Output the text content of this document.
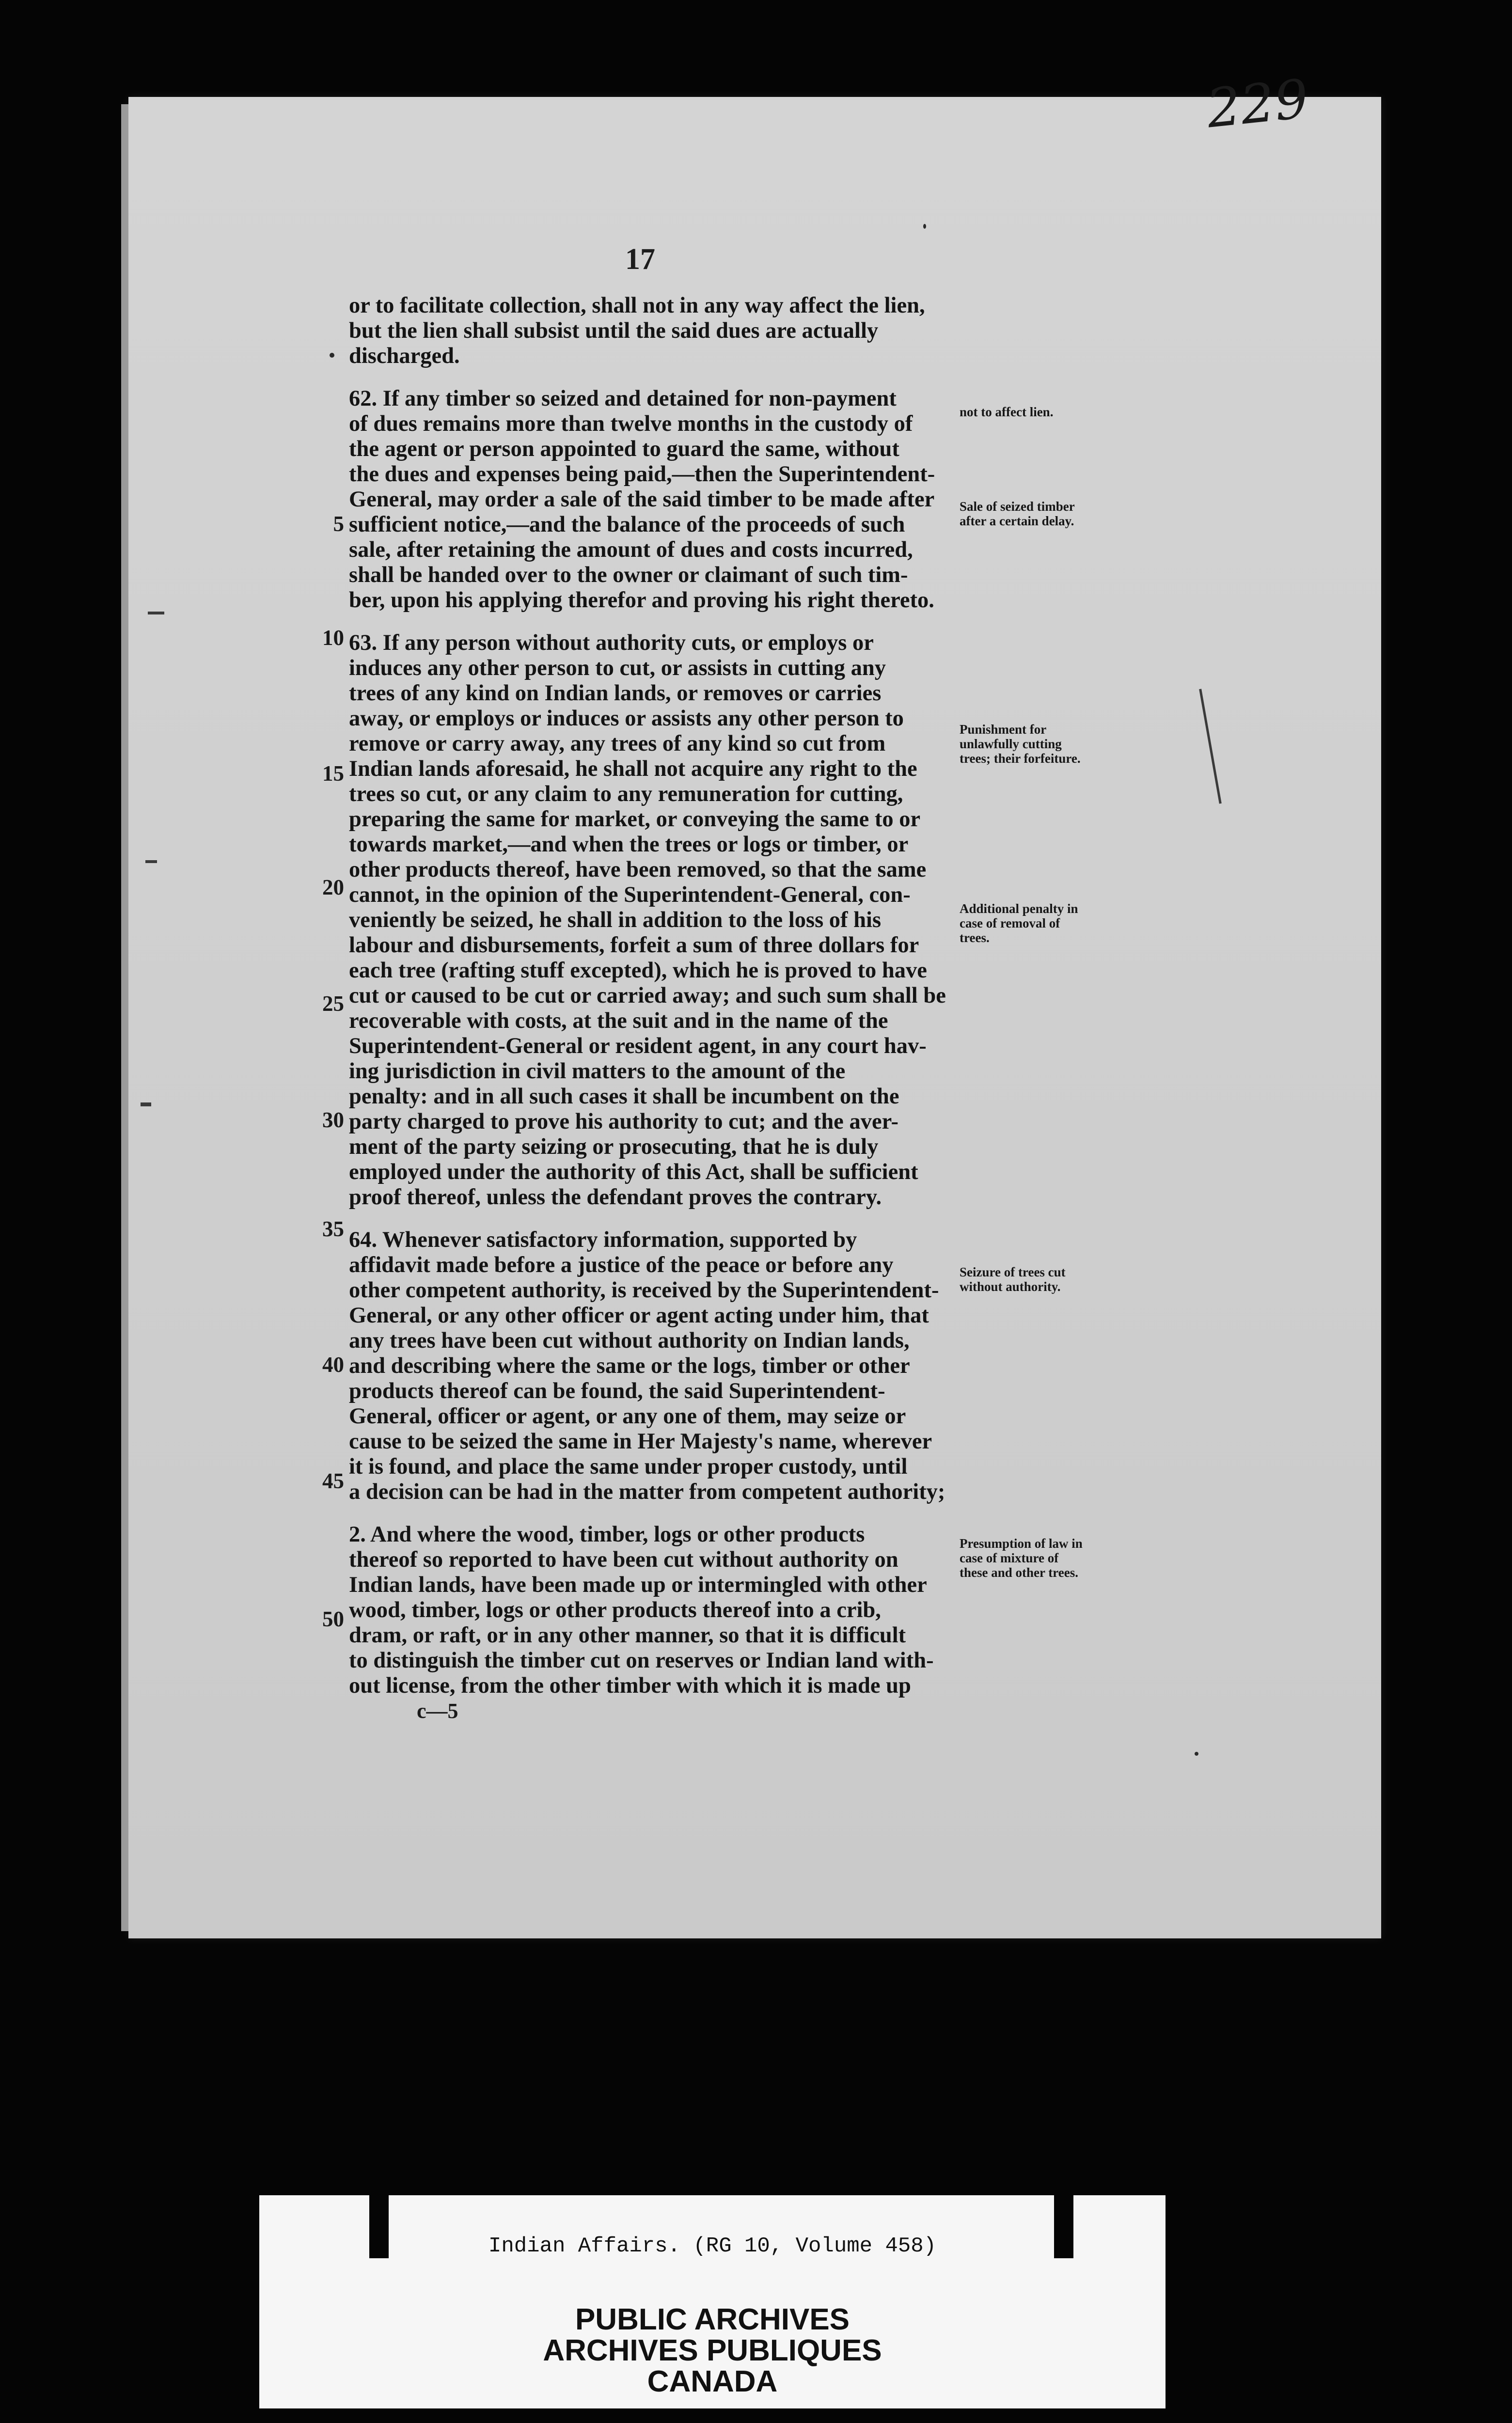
229
17

or to facilitate collection, shall not in any way affect the lien,
but the lien shall subsist until the said dues are actually
discharged.

62. If any timber so seized and detained for non-payment
of dues remains more than twelve months in the custody of
the agent or person appointed to guard the same, without
the dues and expenses being paid,—then the Superintendent-
General, may order a sale of the said timber to be made after
sufficient notice,—and the balance of the proceeds of such
sale, after retaining the amount of dues and costs incurred,
shall be handed over to the owner or claimant of such tim-
ber, upon his applying therefor and proving his right thereto.

63. If any person without authority cuts, or employs or
induces any other person to cut, or assists in cutting any
trees of any kind on Indian lands, or removes or carries
away, or employs or induces or assists any other person to
remove or carry away, any trees of any kind so cut from
Indian lands aforesaid, he shall not acquire any right to the
trees so cut, or any claim to any remuneration for cutting,
preparing the same for market, or conveying the same to or
towards market,—and when the trees or logs or timber, or
other products thereof, have been removed, so that the same
cannot, in the opinion of the Superintendent-General, con-
veniently be seized, he shall in addition to the loss of his
labour and disbursements, forfeit a sum of three dollars for
each tree (rafting stuff excepted), which he is proved to have
cut or caused to be cut or carried away; and such sum shall be
recoverable with costs, at the suit and in the name of the
Superintendent-General or resident agent, in any court hav-
ing jurisdiction in civil matters to the amount of the
penalty: and in all such cases it shall be incumbent on the
party charged to prove his authority to cut; and the aver-
ment of the party seizing or prosecuting, that he is duly
employed under the authority of this Act, shall be sufficient
proof thereof, unless the defendant proves the contrary.

64. Whenever satisfactory information, supported by
affidavit made before a justice of the peace or before any
other competent authority, is received by the Superintendent-
General, or any other officer or agent acting under him, that
any trees have been cut without authority on Indian lands,
and describing where the same or the logs, timber or other
products thereof can be found, the said Superintendent-
General, officer or agent, or any one of them, may seize or
cause to be seized the same in Her Majesty's name, wherever
it is found, and place the same under proper custody, until
a decision can be had in the matter from competent authority;

2. And where the wood, timber, logs or other products
thereof so reported to have been cut without authority on
Indian lands, have been made up or intermingled with other
wood, timber, logs or other products thereof into a crib,
dram, or raft, or in any other manner, so that it is difficult
to distinguish the timber cut on reserves or Indian land with-
out license, from the other timber with which it is made up

5
10
15
20
25
30
35
40
45
50
not to affect lien.
Sale of seized timber after a certain delay.
Punishment for unlawfully cutting trees; their forfeiture.
Additional penalty in case of removal of trees.
Seizure of trees cut without authority.
Presumption of law in case of mixture of these and other trees.
c—5
Indian Affairs. (RG 10, Volume 458)
PUBLIC ARCHIVES
ARCHIVES PUBLIQUES
CANADA
